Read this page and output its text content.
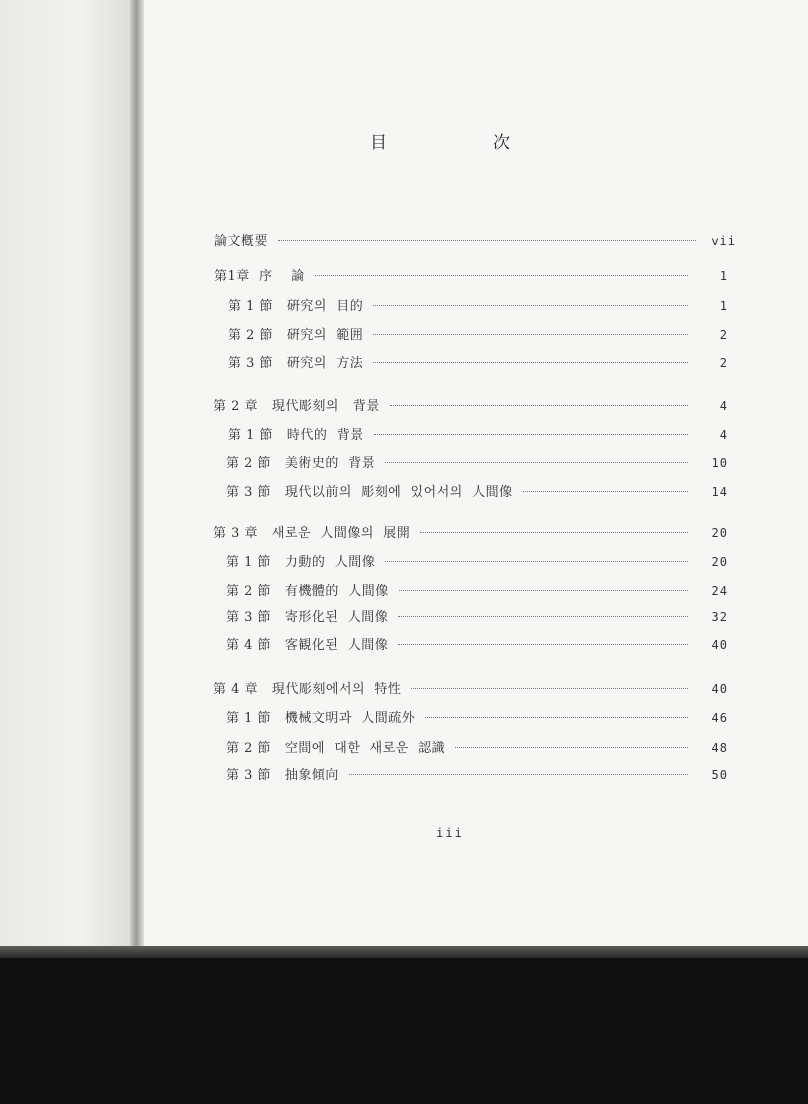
目	次
論文槪要	ⅴii
第1章  序    論	1
第 1 節   硏究의  目的	1
第 2 節   硏究의  範囲	2
第 3 節   硏究의  方法	2
第 2 章   現代彫刻의   背景	4
第 1 節   時代的  背景	4
第 2 節   美術史的  背景	10
第 3 節   現代以前의  彫刻에  있어서의  人間像	14
第 3 章   새로운  人間像의  展開	20
第 1 節   力動的  人間像	20
第 2 節   有機體的  人間像	24
第 3 節   寄形化된  人間像	32
第 4 節   客観化된  人間像	40
第 4 章   現代彫刻에서의  特性	40
第 1 節   機械文明과  人間疏外	46
第 2 節   空間에  대한  새로운  認識	48
第 3 節   抽象傾向	50
iii
